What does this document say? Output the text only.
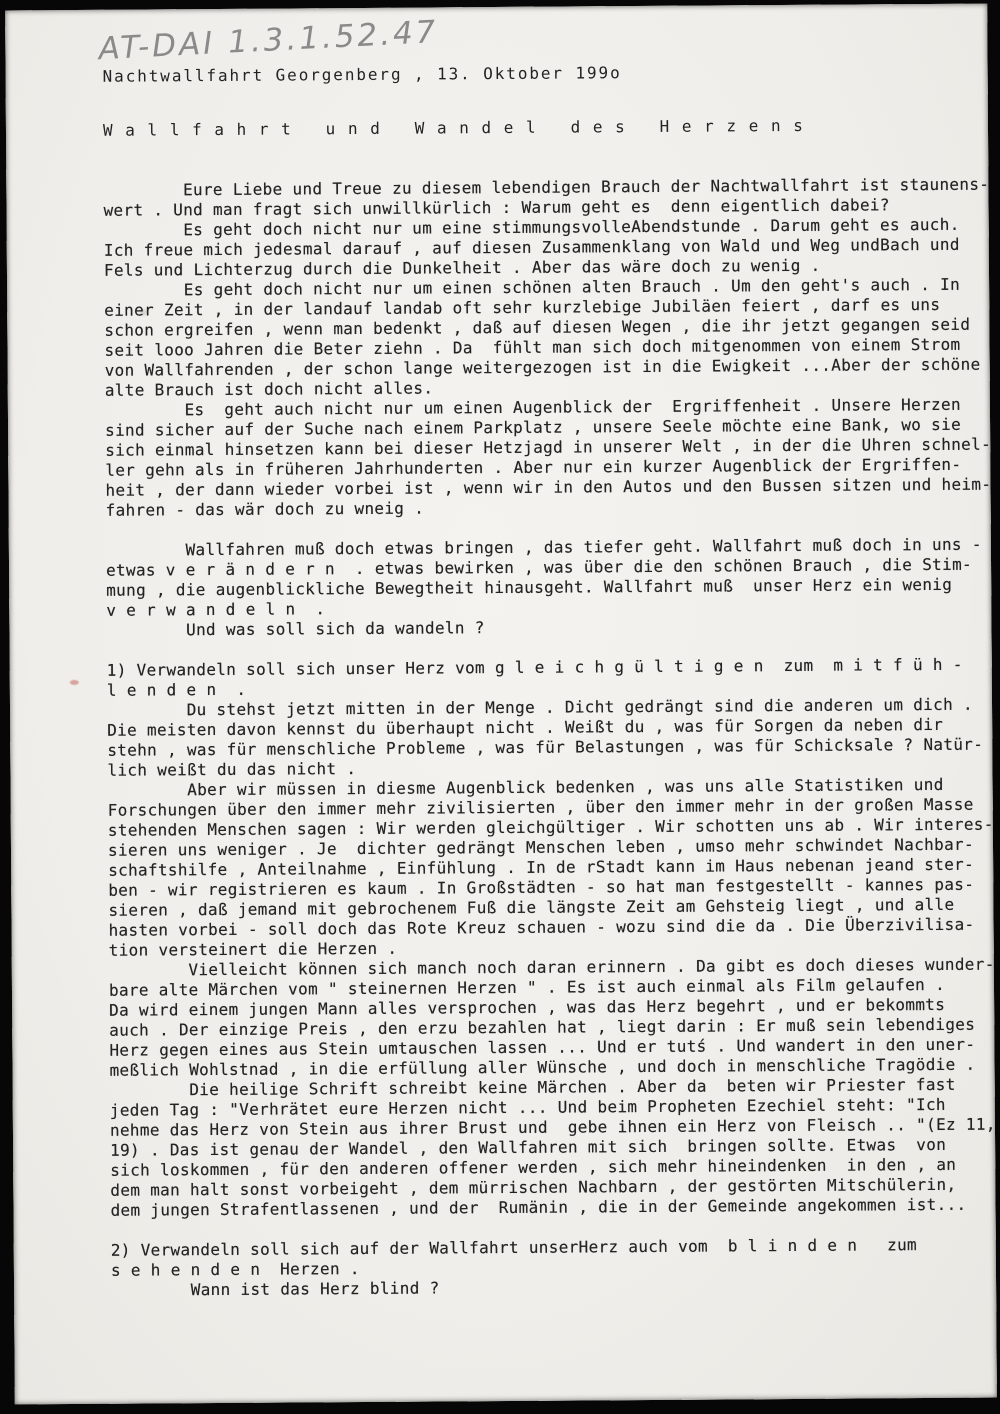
AT-DAI 1.3.1.52.47
Nachtwallfahrt Georgenberg , 13. Oktober 199o
W a l l f a h r t   u n d   W a n d e l   d e s   H e r z e n s
Eure Liebe und Treue zu diesem lebendigen Brauch der Nachtwallfahrt ist staunens-
wert . Und man fragt sich unwillkürlich : Warum geht es  denn eigentlich dabei?
Es geht doch nicht nur um eine stimmungsvolleAbendstunde . Darum geht es auch.
Ich freue mich jedesmal darauf , auf diesen Zusammenklang von Wald und Weg undBach und
Fels und Lichterzug durch die Dunkelheit . Aber das wäre doch zu wenig .
Es geht doch nicht nur um einen schönen alten Brauch . Um den geht's auch . In
einer Zeit , in der landauf landab oft sehr kurzlebige Jubiläen feiert , darf es uns
schon ergreifen , wenn man bedenkt , daß auf diesen Wegen , die ihr jetzt gegangen seid
seit looo Jahren die Beter ziehn . Da  fühlt man sich doch mitgenommen von einem Strom
von Wallfahrenden , der schon lange weitergezogen ist in die Ewigkeit ...Aber der schöne
alte Brauch ist doch nicht alles.
Es  geht auch nicht nur um einen Augenblick der  Ergriffenheit . Unsere Herzen
sind sicher auf der Suche nach einem Parkplatz , unsere Seele möchte eine Bank, wo sie
sich einmal hinsetzen kann bei dieser Hetzjagd in unserer Welt , in der die Uhren schnel-
ler gehn als in früheren Jahrhunderten . Aber nur ein kurzer Augenblick der Ergriffen-
heit , der dann wieder vorbei ist , wenn wir in den Autos und den Bussen sitzen und heim-
fahren - das wär doch zu wneig .
Wallfahren muß doch etwas bringen , das tiefer geht. Wallfahrt muß doch in uns -
etwas v e r ä n d e r n  . etwas bewirken , was über die den schönen Brauch , die Stim-
mung , die augenblickliche Bewegtheit hinausgeht. Wallfahrt muß  unser Herz ein wenig
v e r w a n d e l n  .
Und was soll sich da wandeln ?
1) Verwandeln soll sich unser Herz vom g l e i c h g ü l t i g e n  zum  m i t f ü h -
l e n d e n  .
Du stehst jetzt mitten in der Menge . Dicht gedrängt sind die anderen um dich .
Die meisten davon kennst du überhaupt nicht . Weißt du , was für Sorgen da neben dir
stehn , was für menschliche Probleme , was für Belastungen , was für Schicksale ? Natür-
lich weißt du das nicht .
Aber wir müssen in diesme Augenblick bedenken , was uns alle Statistiken und
Forschungen über den immer mehr zivilisierten , über den immer mehr in der großen Masse
stehenden Menschen sagen : Wir werden gleichgültiger . Wir schotten uns ab . Wir interes-
sieren uns weniger . Je  dichter gedrängt Menschen leben , umso mehr schwindet Nachbar-
schaftshilfe , Anteilnahme , Einfühlung . In de rStadt kann im Haus nebenan jeand ster-
ben - wir registrieren es kaum . In Großstädten - so hat man festgestellt - kannes pas-
sieren , daß jemand mit gebrochenem Fuß die längste Zeit am Gehsteig liegt , und alle
hasten vorbei - soll doch das Rote Kreuz schauen - wozu sind die da . Die Überzivilisa-
tion versteinert die Herzen .
Vielleicht können sich manch noch daran erinnern . Da gibt es doch dieses wunder-
bare alte Märchen vom " steinernen Herzen " . Es ist auch einmal als Film gelaufen .
Da wird einem jungen Mann alles versprochen , was das Herz begehrt , und er bekommts
auch . Der einzige Preis , den erzu bezahlen hat , liegt darin : Er muß sein lebendiges
Herz gegen eines aus Stein umtauschen lassen ... Und er tutś . Und wandert in den uner-
meßlich Wohlstnad , in die erfüllung aller Wünsche , und doch in menschliche Tragödie .
Die heilige Schrift schreibt keine Märchen . Aber da  beten wir Priester fast
jeden Tag : "Verhrätet eure Herzen nicht ... Und beim Propheten Ezechiel steht: "Ich
nehme das Herz von Stein aus ihrer Brust und  gebe ihnen ein Herz von Fleisch .. "(Ez 11,
19) . Das ist genau der Wandel , den Wallfahren mit sich  bringen sollte. Etwas  von
sich loskommen , für den anderen offener werden , sich mehr hineindenken  in den , an
dem man halt sonst vorbeigeht , dem mürrischen Nachbarn , der gestörten Mitschülerin,
dem jungen Strafentlassenen , und der  Rumänin , die in der Gemeinde angekommen ist...
2) Verwandeln soll sich auf der Wallfahrt unserHerz auch vom  b l i n d e n   zum
s e h e n d e n  Herzen .
Wann ist das Herz blind ?
